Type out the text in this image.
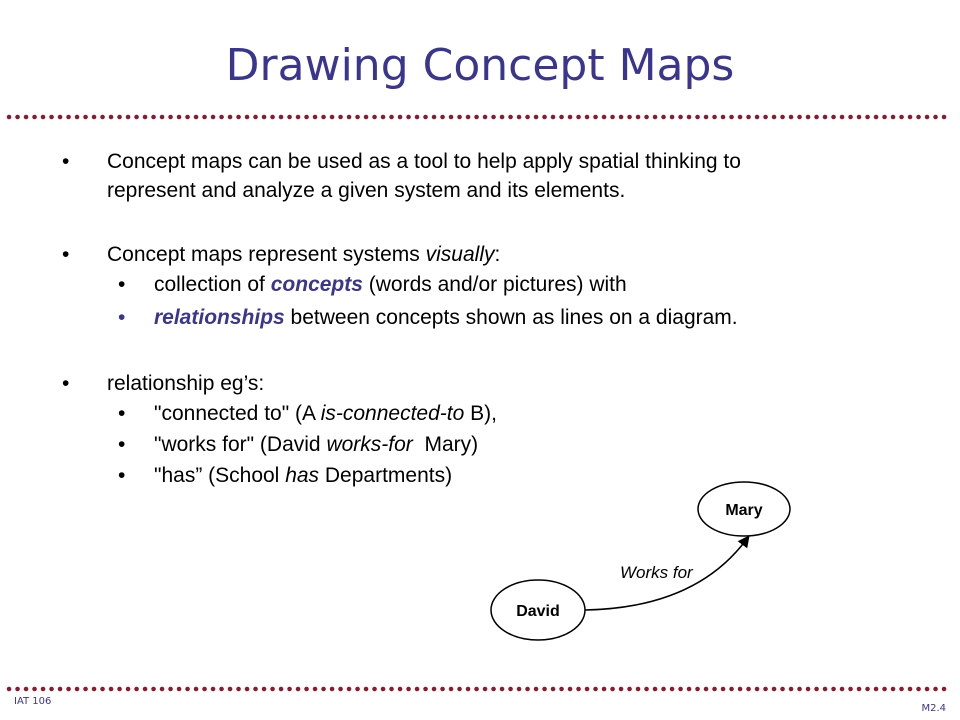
Drawing Concept Maps
• Concept maps can be used as a tool to help apply spatial thinking to
represent and analyze a given system and its elements.
• Concept maps represent systems visually:
• collection of concepts (words and/or pictures) with
• relationships between concepts shown as lines on a diagram.
• relationship eg’s:
• "connected to" (A is-connected-to B),
• "works for" (David works-for  Mary)
• "has” (School has Departments)
Mary
David
Works for
IAT 106
M2.4
